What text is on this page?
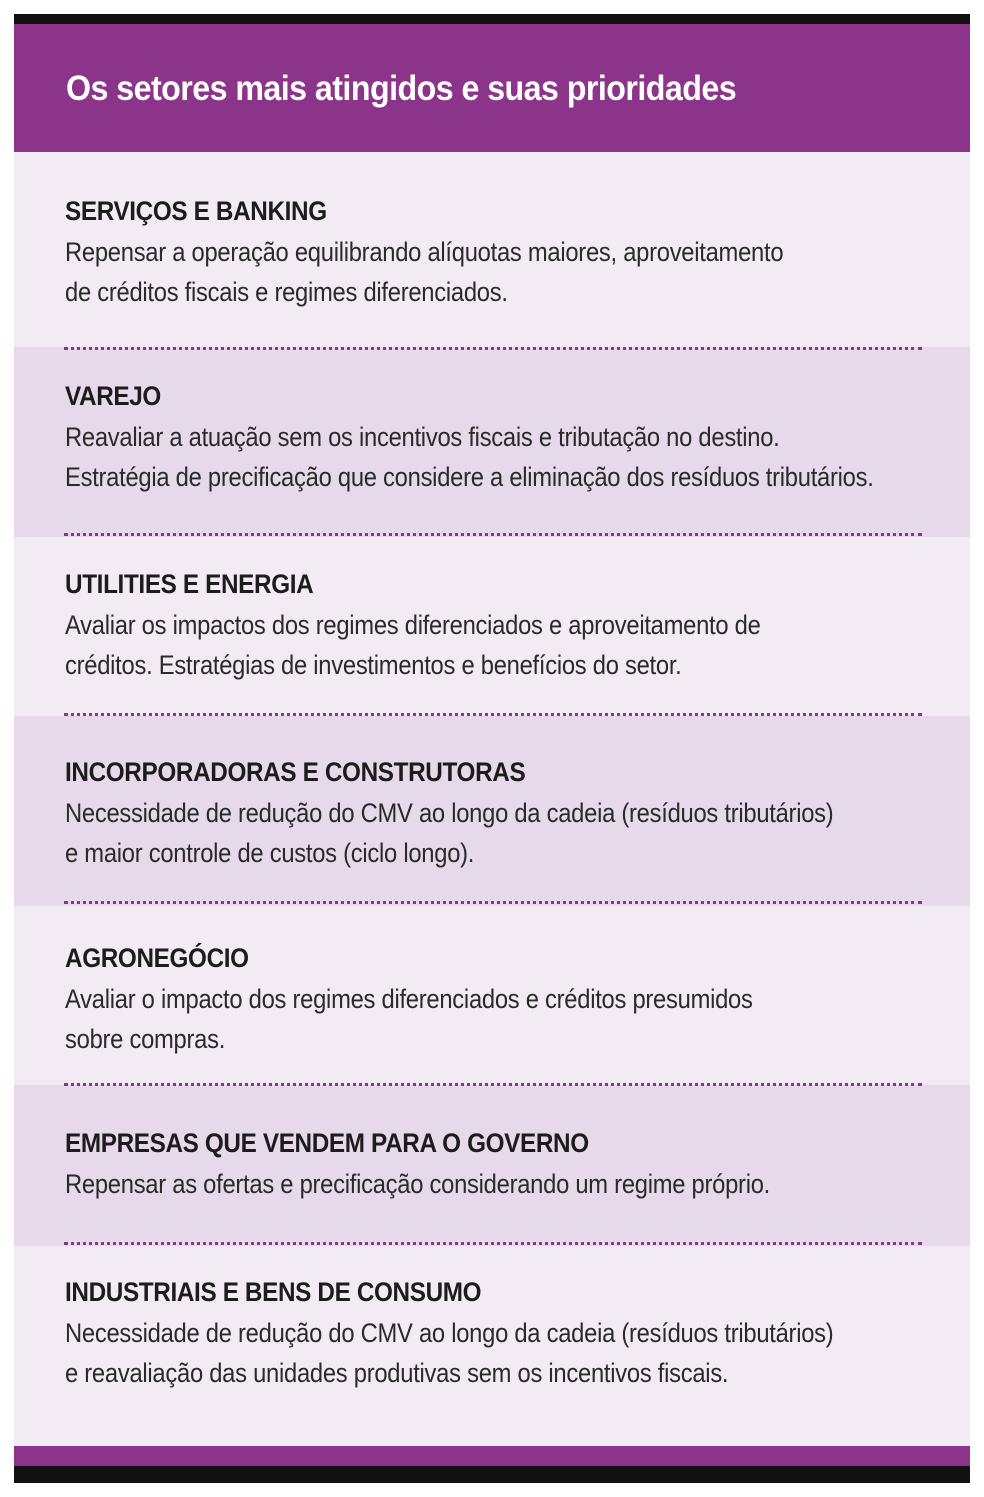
Os setores mais atingidos e suas prioridades
SERVIÇOS E BANKING
Repensar a operação equilibrando alíquotas maiores, aproveitamento
de créditos fiscais e regimes diferenciados.
VAREJO
Reavaliar a atuação sem os incentivos fiscais e tributação no destino.
Estratégia de precificação que considere a eliminação dos resíduos tributários.
UTILITIES E ENERGIA
Avaliar os impactos dos regimes diferenciados e aproveitamento de
créditos. Estratégias de investimentos e benefícios do setor.
INCORPORADORAS E CONSTRUTORAS
Necessidade de redução do CMV ao longo da cadeia (resíduos tributários)
e maior controle de custos (ciclo longo).
AGRONEGÓCIO
Avaliar o impacto dos regimes diferenciados e créditos presumidos
sobre compras.
EMPRESAS QUE VENDEM PARA O GOVERNO
Repensar as ofertas e precificação considerando um regime próprio.
INDUSTRIAIS E BENS DE CONSUMO
Necessidade de redução do CMV ao longo da cadeia (resíduos tributários)
e reavaliação das unidades produtivas sem os incentivos fiscais.
